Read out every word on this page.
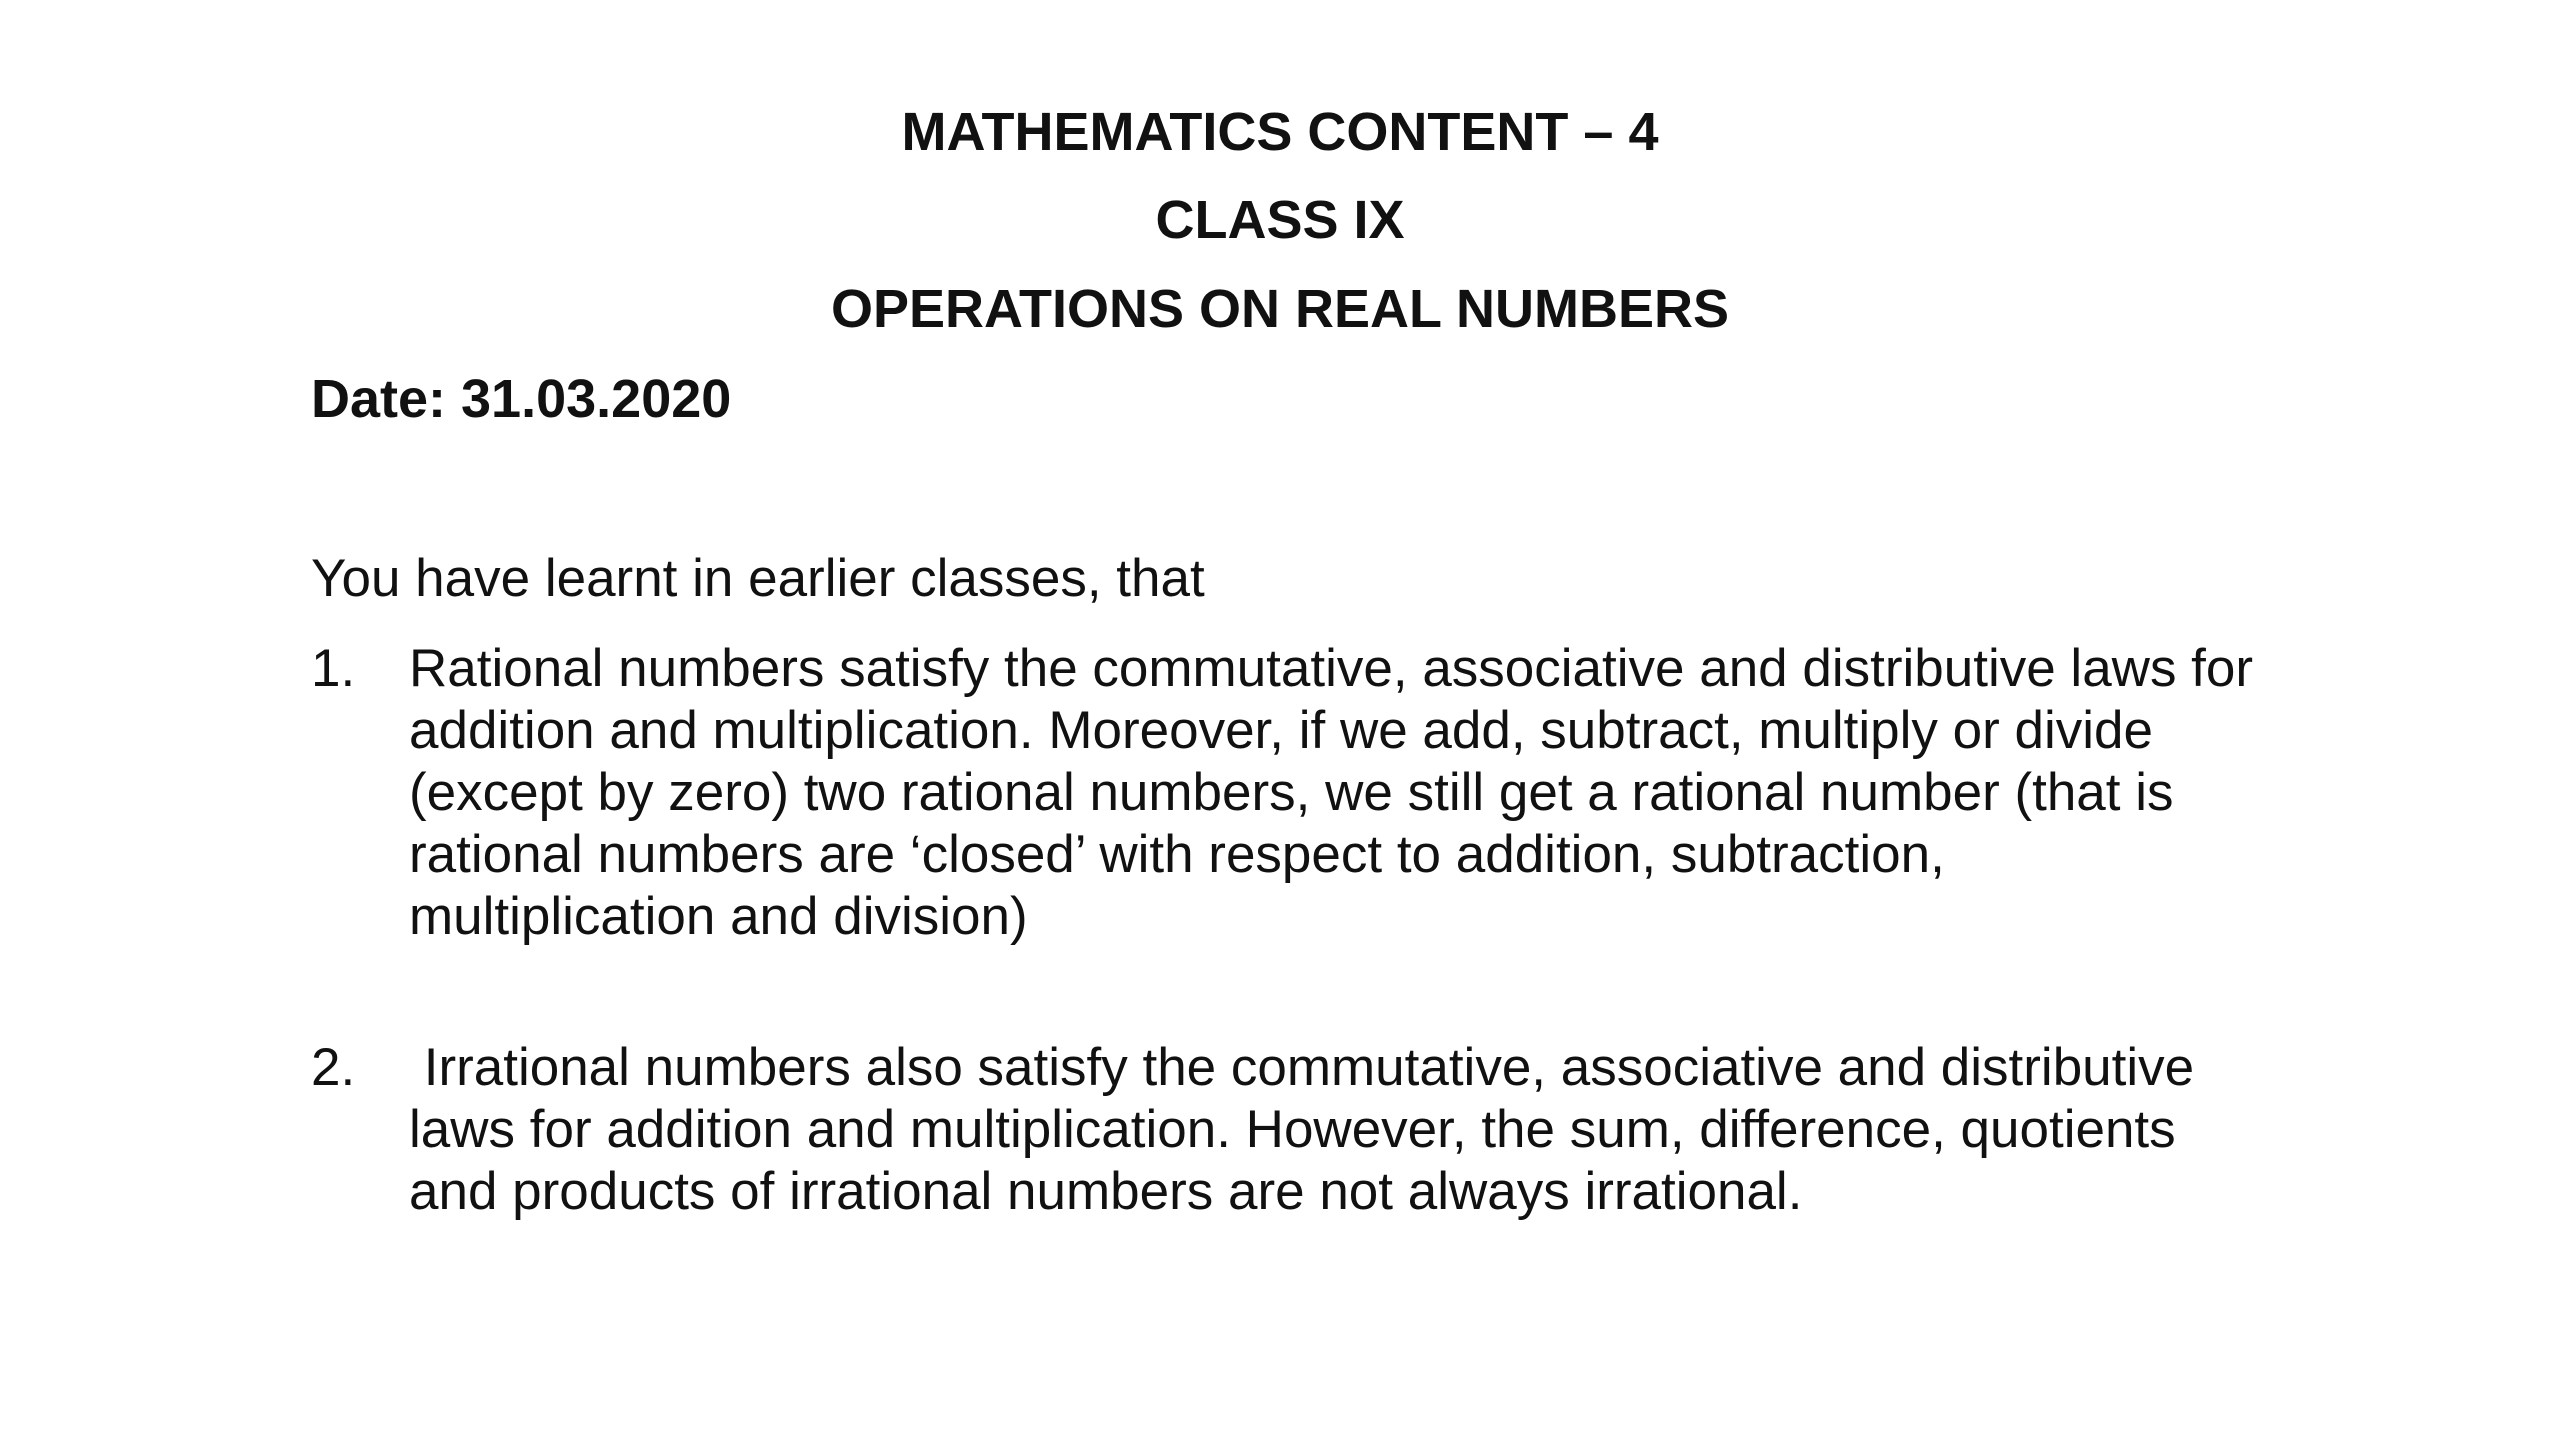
MATHEMATICS CONTENT – 4
CLASS IX
OPERATIONS ON REAL NUMBERS
Date: 31.03.2020
You have learnt in earlier classes, that
1.	Rational numbers satisfy the commutative, associative and distributive laws for addition and multiplication. Moreover, if we add, subtract, multiply or divide (except by zero) two rational numbers, we still get a rational number (that is rational numbers are ‘closed’ with respect to addition, subtraction, multiplication and division)
2.	Irrational numbers also satisfy the commutative, associative and distributive laws for addition and multiplication. However, the sum, difference, quotients and products of irrational numbers are not always irrational.
